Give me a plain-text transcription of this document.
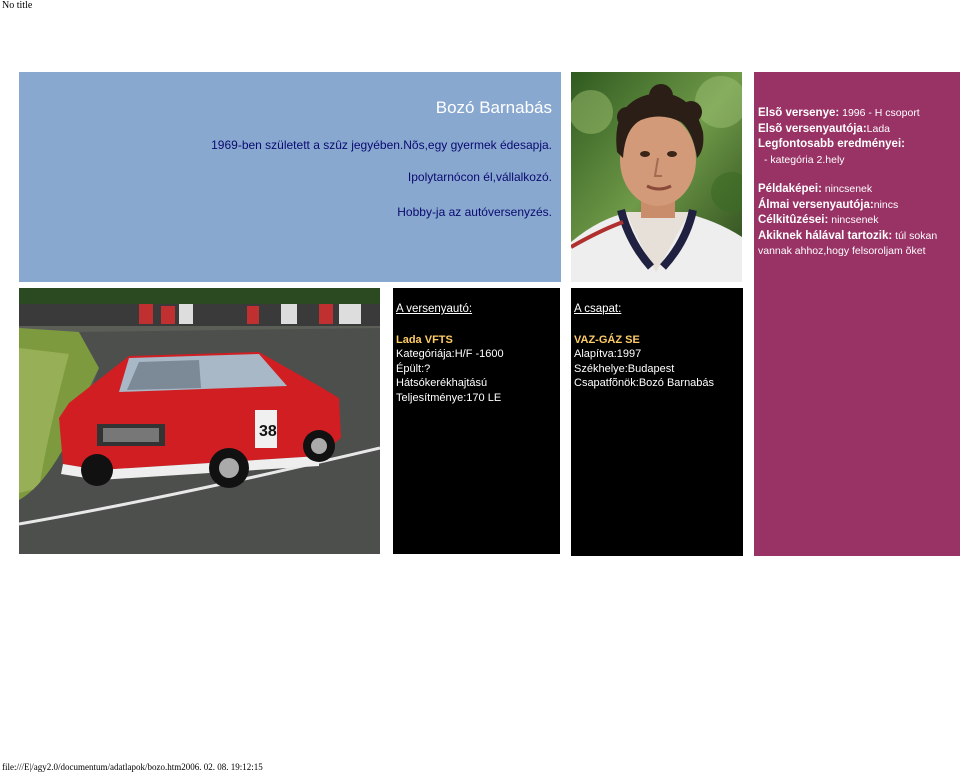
No title
Bozó Barnabás
1969-ben született a szûz jegyében.Nõs,egy gyermek édesapja.
Ipolytarnócon él,vállalkozó.
Hobby-ja az autóversenyzés.
Elsõ versenye: 1996 - H csoport
Elsõ versenyautója:Lada
Legfontosabb eredményei:
- kategória 2.hely
Példaképei: nincsenek
Álmai versenyautója:nincs
Célkitûzései: nincsenek
Akiknek hálával tartozik: túl sokan vannak ahhoz,hogy felsoroljam õket
38
A versenyautó:
Lada VFTS
Kategóriája:H/F -1600
Épült:?
Hátsókerékhajtású
Teljesítménye:170 LE
A csapat:
VAZ-GÁZ SE
Alapítva:1997
Székhelye:Budapest
Csapatfõnök:Bozó Barnabás
file:///E|/agy2.0/documentum/adatlapok/bozo.htm2006. 02. 08. 19:12:15
